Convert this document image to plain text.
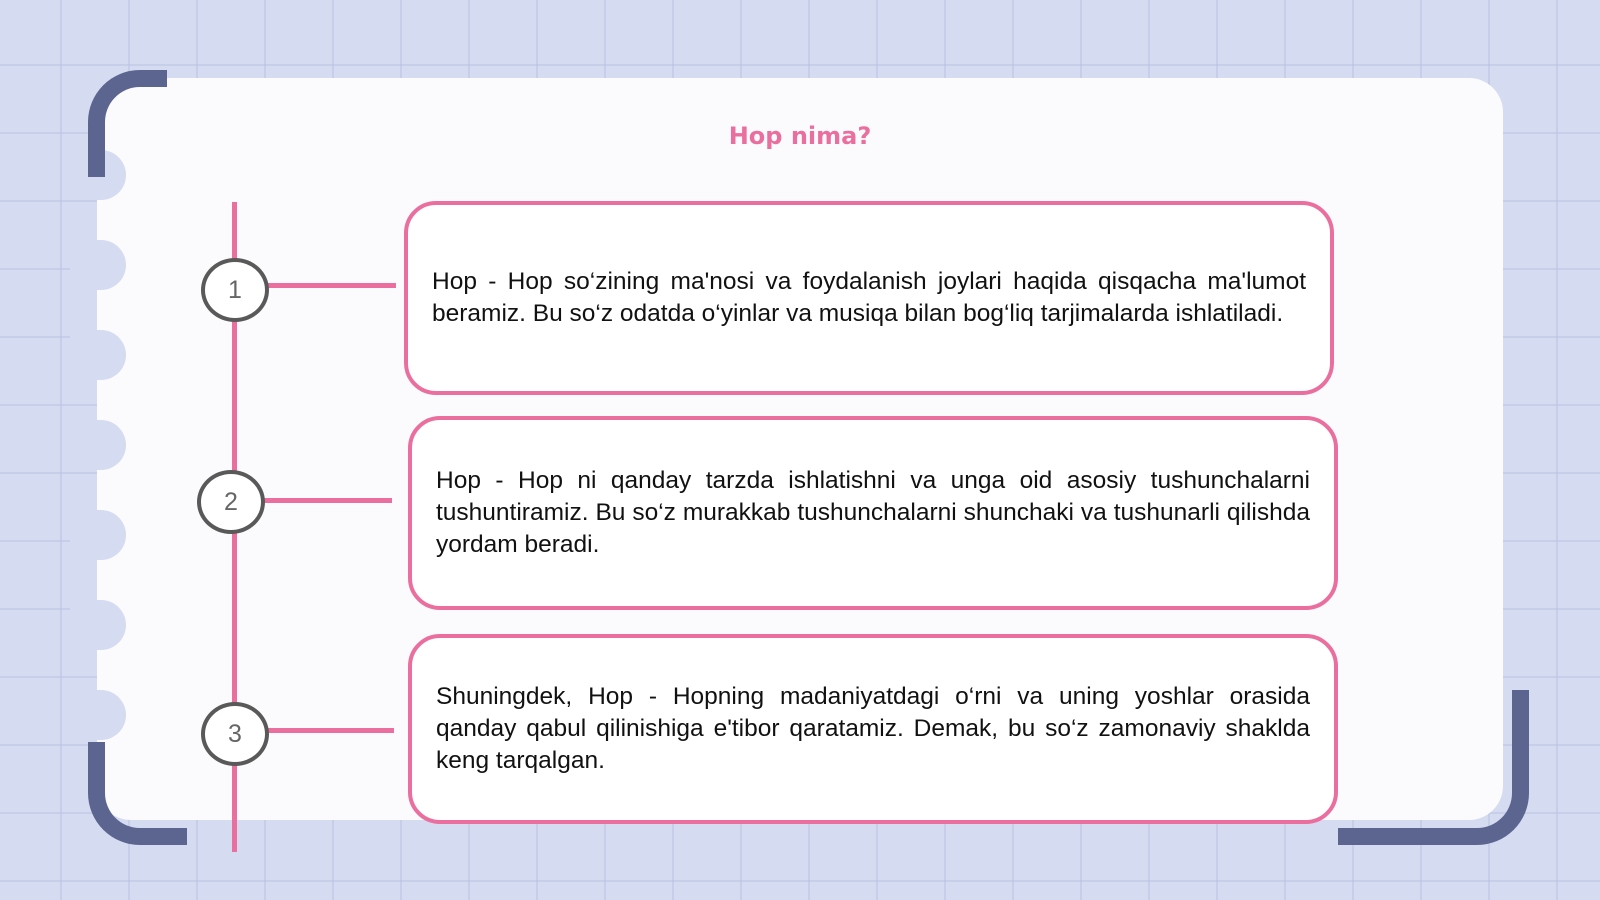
Hop nima?
1
2
3

Hop - Hop so‘zining ma'nosi va foydalanish joylari haqida qisqacha ma'lumot beramiz. Bu so‘z odatda o‘yinlar va musiqa bilan bog‘liq tarjimalarda ishlatiladi.

Hop - Hop ni qanday tarzda ishlatishni va unga oid asosiy tushunchalarni tushuntiramiz. Bu so‘z murakkab tushunchalarni shunchaki va tushunarli qilishda yordam beradi.

Shuningdek, Hop - Hopning madaniyatdagi o‘rni va uning yoshlar orasida qanday qabul qilinishiga e'tibor qaratamiz. Demak, bu so‘z zamonaviy shaklda keng tarqalgan.
